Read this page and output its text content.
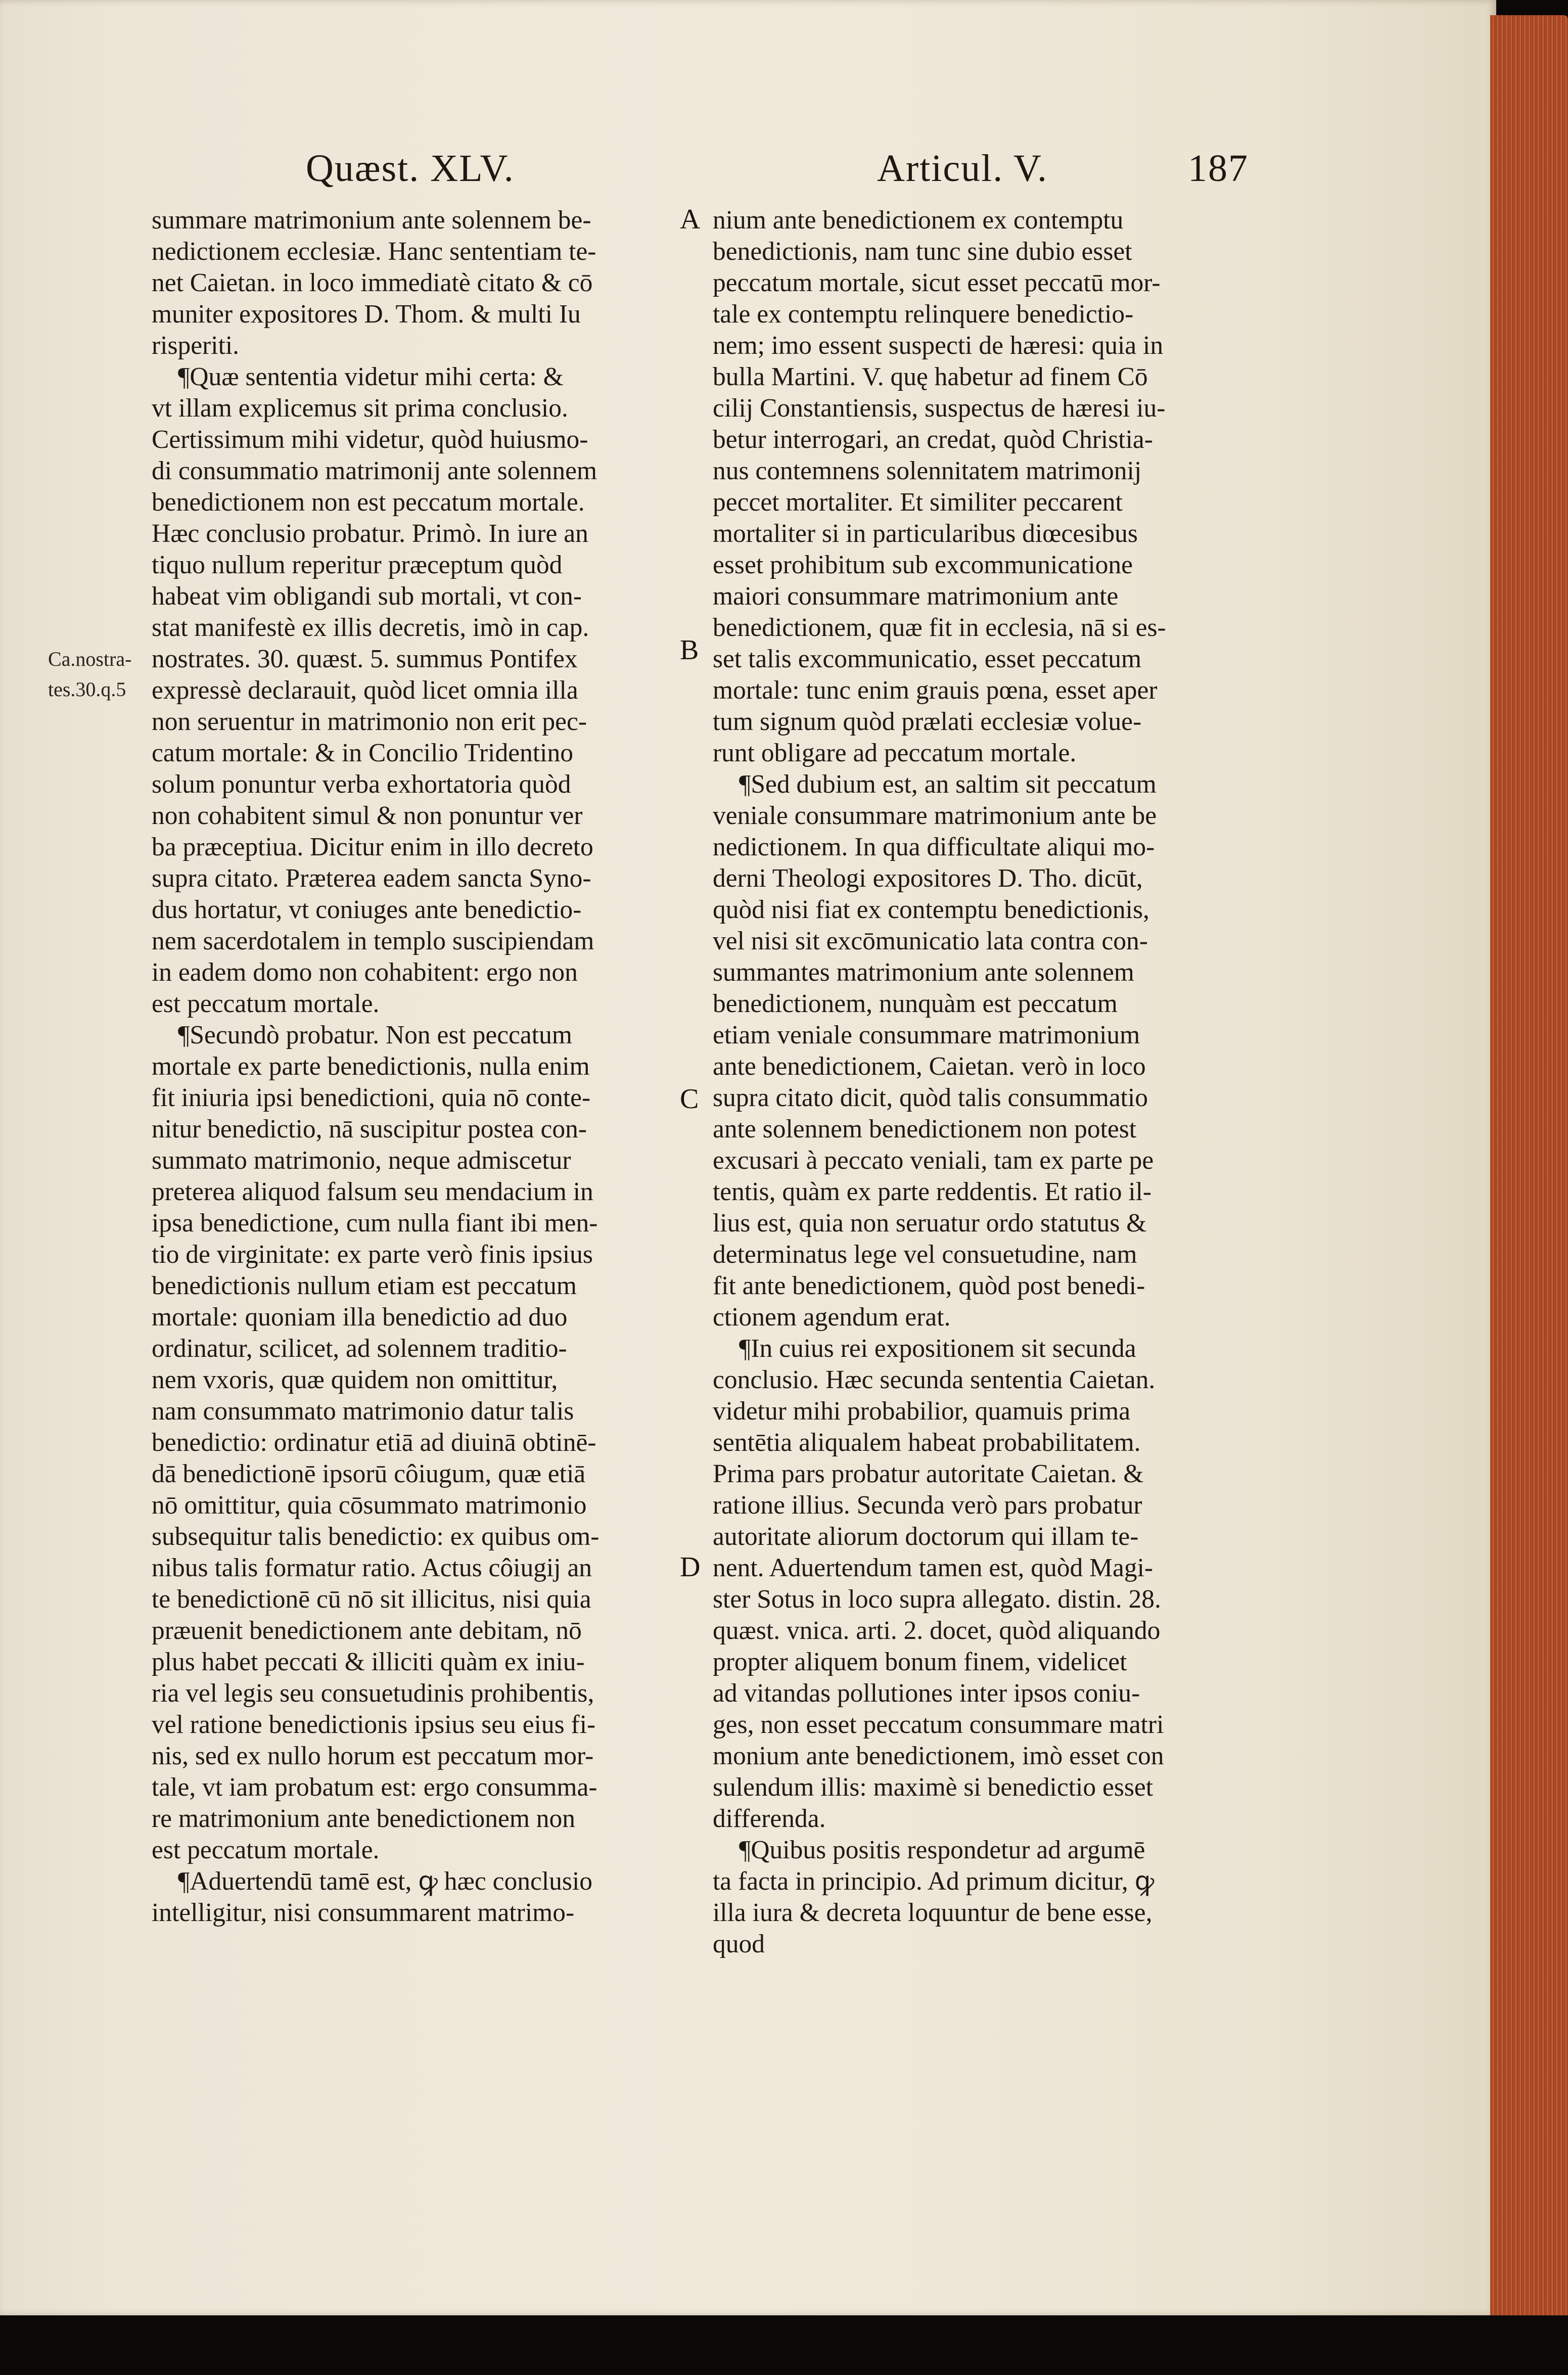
Quæst. XLV.	Articul. V.	187
Ca.nostra-
tes.30.q.5
A
B
C
D
summare matrimonium ante solennem be-
nedictionem ecclesiæ. Hanc sententiam te-
net Caietan. in loco immediatè citato & cō
muniter expositores D. Thom. & multi Iu
risperiti.
¶Quæ sententia videtur mihi certa: &
vt illam explicemus sit prima conclusio.
Certissimum mihi videtur, quòd huiusmo-
di consummatio matrimonij ante solennem
benedictionem non est peccatum mortale.
Hæc conclusio probatur. Primò. In iure an
tiquo nullum reperitur præceptum quòd
habeat vim obligandi sub mortali, vt con-
stat manifestè ex illis decretis, imò in cap.
nostrates. 30. quæst. 5. summus Pontifex
expressè declarauit, quòd licet omnia illa
non seruentur in matrimonio non erit pec-
catum mortale: & in Concilio Tridentino
solum ponuntur verba exhortatoria quòd
non cohabitent simul & non ponuntur ver
ba præceptiua. Dicitur enim in illo decreto
supra citato. Præterea eadem sancta Syno-
dus hortatur, vt coniuges ante benedictio-
nem sacerdotalem in templo suscipiendam
in eadem domo non cohabitent: ergo non
est peccatum mortale.
¶Secundò probatur. Non est peccatum
mortale ex parte benedictionis, nulla enim
fit iniuria ipsi benedictioni, quia nō conte-
nitur benedictio, nā suscipitur postea con-
summato matrimonio, neque admiscetur
preterea aliquod falsum seu mendacium in
ipsa benedictione, cum nulla fiant ibi men-
tio de virginitate: ex parte verò finis ipsius
benedictionis nullum etiam est peccatum
mortale: quoniam illa benedictio ad duo
ordinatur, scilicet, ad solennem traditio-
nem vxoris, quæ quidem non omittitur,
nam consummato matrimonio datur talis
benedictio: ordinatur etiā ad diuinā obtinē-
dā benedictionē ipsorū côiugum, quæ etiā
nō omittitur, quia cōsummato matrimonio
subsequitur talis benedictio: ex quibus om-
nibus talis formatur ratio. Actus côiugij an
te benedictionē cū nō sit illicitus, nisi quia
præuenit benedictionem ante debitam, nō
plus habet peccati & illiciti quàm ex iniu-
ria vel legis seu consuetudinis prohibentis,
vel ratione benedictionis ipsius seu eius fi-
nis, sed ex nullo horum est peccatum mor-
tale, vt iam probatum est: ergo consumma-
re matrimonium ante benedictionem non
est peccatum mortale.
¶Aduertendū tamē est, ꝙ hæc conclusio
intelligitur, nisi consummarent matrimo-
nium ante benedictionem ex contemptu
benedictionis, nam tunc sine dubio esset
peccatum mortale, sicut esset peccatū mor-
tale ex contemptu relinquere benedictio-
nem; imo essent suspecti de hæresi: quia in
bulla Martini. V. quę habetur ad finem Cō
cilij Constantiensis, suspectus de hæresi iu-
betur interrogari, an credat, quòd Christia-
nus contemnens solennitatem matrimonij
peccet mortaliter. Et similiter peccarent
mortaliter si in particularibus diœcesibus
esset prohibitum sub excommunicatione
maiori consummare matrimonium ante
benedictionem, quæ fit in ecclesia, nā si es-
set talis excommunicatio, esset peccatum
mortale: tunc enim grauis pœna, esset aper
tum signum quòd prælati ecclesiæ volue-
runt obligare ad peccatum mortale.
¶Sed dubium est, an saltim sit peccatum
veniale consummare matrimonium ante be
nedictionem. In qua difficultate aliqui mo-
derni Theologi expositores D. Tho. dicūt,
quòd nisi fiat ex contemptu benedictionis,
vel nisi sit excōmunicatio lata contra con-
summantes matrimonium ante solennem
benedictionem, nunquàm est peccatum
etiam veniale consummare matrimonium
ante benedictionem, Caietan. verò in loco
supra citato dicit, quòd talis consummatio
ante solennem benedictionem non potest
excusari à peccato veniali, tam ex parte pe
tentis, quàm ex parte reddentis. Et ratio il-
lius est, quia non seruatur ordo statutus &
determinatus lege vel consuetudine, nam
fit ante benedictionem, quòd post benedi-
ctionem agendum erat.
¶In cuius rei expositionem sit secunda
conclusio. Hæc secunda sententia Caietan.
videtur mihi probabilior, quamuis prima
sentētia aliqualem habeat probabilitatem.
Prima pars probatur autoritate Caietan. &
ratione illius. Secunda verò pars probatur
autoritate aliorum doctorum qui illam te-
nent. Aduertendum tamen est, quòd Magi-
ster Sotus in loco supra allegato. distin. 28.
quæst. vnica. arti. 2. docet, quòd aliquando
propter aliquem bonum finem, videlicet
ad vitandas pollutiones inter ipsos coniu-
ges, non esset peccatum consummare matri
monium ante benedictionem, imò esset con
sulendum illis: maximè si benedictio esset
differenda.
¶Quibus positis respondetur ad argumē
ta facta in principio. Ad primum dicitur, ꝙ
illa iura & decreta loquuntur de bene esse,
quod
